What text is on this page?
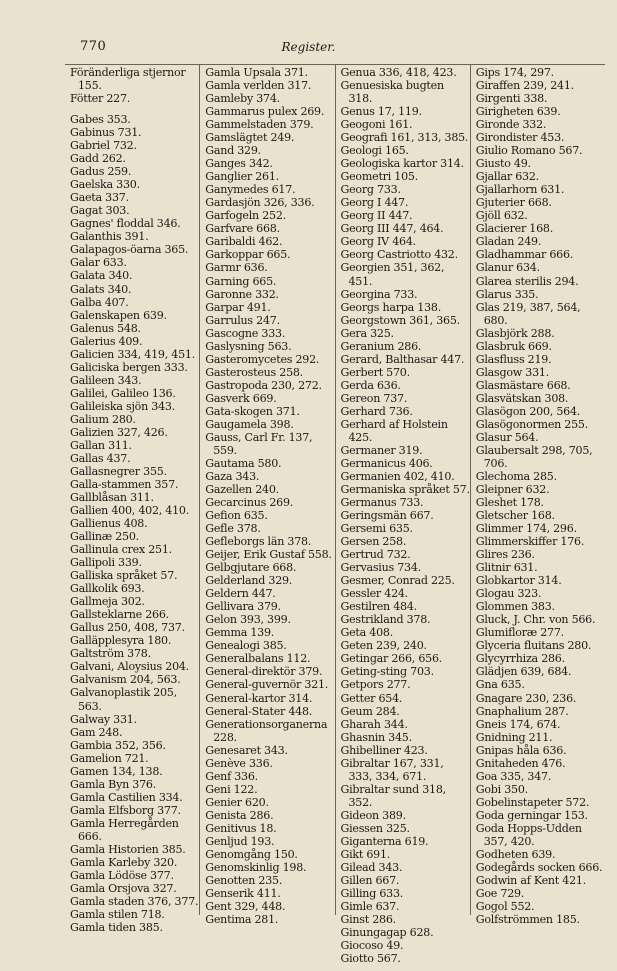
770	Register.
Föränderliga stjernor 155.
Fötter 227.
Gabes 353.
Gabinus 731.
Gabriel 732.
Gadd 262.
Gadus 259.
Gaelska 330.
Gaeta 337.
Gagat 303.
Gagnes' floddal 346.
Galanthis 391.
Galapagos-öarna 365.
Galar 633.
Galata 340.
Galats 340.
Galba 407.
Galenskapen 639.
Galenus 548.
Galerius 409.
Galicien 334, 419, 451.
Galiciska bergen 333.
Galileen 343.
Galilei, Galileo 136.
Galileiska sjön 343.
Galium 280.
Galizien 327, 426.
Gallan 311.
Gallas 437.
Gallasnegrer 355.
Galla-stammen 357.
Gallblåsan 311.
Gallien 400, 402, 410.
Gallienus 408.
Gallinæ 250.
Gallinula crex 251.
Gallipoli 339.
Galliska språket 57.
Gallkolik 693.
Gallmeja 302.
Gallsteklarne 266.
Gallus 250, 408, 737.
Galläpplesyra 180.
Galtström 378.
Galvani, Aloysius 204.
Galvanism 204, 563.
Galvanoplastik 205, 563.
Galway 331.
Gam 248.
Gambia 352, 356.
Gamelion 721.
Gamen 134, 138.
Gamla Byn 376.
Gamla Castilien 334.
Gamla Elfsborg 377.
Gamla Herregården 666.
Gamla Historien 385.
Gamla Karleby 320.
Gamla Lödöse 377.
Gamla Orsjova 327.
Gamla staden 376, 377.
Gamla stilen 718.
Gamla tiden 385.
Gamla Upsala 371.
Gamla verlden 317.
Gamleby 374.
Gammarus pulex 269.
Gammelstaden 379.
Gamslägtet 249.
Gand 329.
Ganges 342.
Ganglier 261.
Ganymedes 617.
Gardasjön 326, 336.
Garfogeln 252.
Garfvare 668.
Garibaldi 462.
Garkoppar 665.
Garmr 636.
Garning 665.
Garonne 332.
Garpar 491.
Garrulus 247.
Gascogne 333.
Gaslysning 563.
Gasteromycetes 292.
Gasterosteus 258.
Gastropoda 230, 272.
Gasverk 669.
Gata-skogen 371.
Gaugamela 398.
Gauss, Carl Fr. 137, 559.
Gautama 580.
Gaza 343.
Gazellen 240.
Gecarcinus 269.
Gefion 635.
Gefle 378.
Gefleborgs län 378.
Geijer, Erik Gustaf 558.
Gelbgjutare 668.
Gelderland 329.
Geldern 447.
Gellivara 379.
Gelon 393, 399.
Gemma 139.
Genealogi 385.
Generalbalans 112.
General-direktör 379.
General-guvernör 321.
General-kartor 314.
General-Stater 448.
Generationsorganerna 228.
Genesaret 343.
Genève 336.
Genf 336.
Geni 122.
Genier 620.
Genista 286.
Genitivus 18.
Genljud 193.
Genomgång 150.
Genomskinlig 198.
Genotten 235.
Genserik 411.
Gent 329, 448.
Gentima 281.
Genua 336, 418, 423.
Genuesiska bugten 318.
Genus 17, 119.
Geogoni 161.
Geografi 161, 313, 385.
Geologi 165.
Geologiska kartor 314.
Geometri 105.
Georg 733.
Georg I 447.
Georg II 447.
Georg III 447, 464.
Georg IV 464.
Georg Castriotto 432.
Georgien 351, 362, 451.
Georgina 733.
Georgs harpa 138.
Georgstown 361, 365.
Gera 325.
Geranium 286.
Gerard, Balthasar 447.
Gerbert 570.
Gerda 636.
Gereon 737.
Gerhard 736.
Gerhard af Holstein 425.
Germaner 319.
Germanicus 406.
Germanien 402, 410.
Germaniska språket 57.
Germanus 733.
Geringsmän 667.
Gersemi 635.
Gersen 258.
Gertrud 732.
Gervasius 734.
Gesmer, Conrad 225.
Gessler 424.
Gestilren 484.
Gestrikland 378.
Geta 408.
Geten 239, 240.
Getingar 266, 656.
Geting-sting 703.
Getpors 277.
Getter 654.
Geum 284.
Gharah 344.
Ghasnin 345.
Ghibelliner 423.
Gibraltar 167, 331, 333, 334, 671.
Gibraltar sund 318, 352.
Gideon 389.
Giessen 325.
Giganterna 619.
Gikt 691.
Gilead 343.
Gillen 667.
Gilling 633.
Gimle 637.
Ginst 286.
Ginungagap 628.
Giocoso 49.
Giotto 567.
Gips 174, 297.
Giraffen 239, 241.
Girgenti 338.
Girigheten 639.
Gironde 332.
Girondister 453.
Giulio Romano 567.
Giusto 49.
Gjallar 632.
Gjallarhorn 631.
Gjuterier 668.
Gjöll 632.
Glacierer 168.
Gladan 249.
Gladhammar 666.
Glanur 634.
Glarea sterilis 294.
Glarus 335.
Glas 219, 387, 564, 680.
Glasbjörk 288.
Glasbruk 669.
Glasfluss 219.
Glasgow 331.
Glasmästare 668.
Glasvätskan 308.
Glasögon 200, 564.
Glasögonormen 255.
Glasur 564.
Glaubersalt 298, 705, 706.
Glechoma 285.
Gleipner 632.
Gleshet 178.
Gletscher 168.
Glimmer 174, 296.
Glimmerskiffer 176.
Glires 236.
Glitnir 631.
Globkartor 314.
Glogau 323.
Glommen 383.
Gluck, J. Chr. von 566.
Glumifloræ 277.
Glyceria fluitans 280.
Glycyrrhiza 286.
Glädjen 639, 684.
Gna 635.
Gnagare 230, 236.
Gnaphalium 287.
Gneis 174, 674.
Gnidning 211.
Gnipas håla 636.
Gnitaheden 476.
Goa 335, 347.
Gobi 350.
Gobelinstapeter 572.
Goda gerningar 153.
Goda Hopps-Udden 357, 420.
Godheten 639.
Godegårds socken 666.
Godwin af Kent 421.
Goe 729.
Gogol 552.
Golfströmmen 185.
